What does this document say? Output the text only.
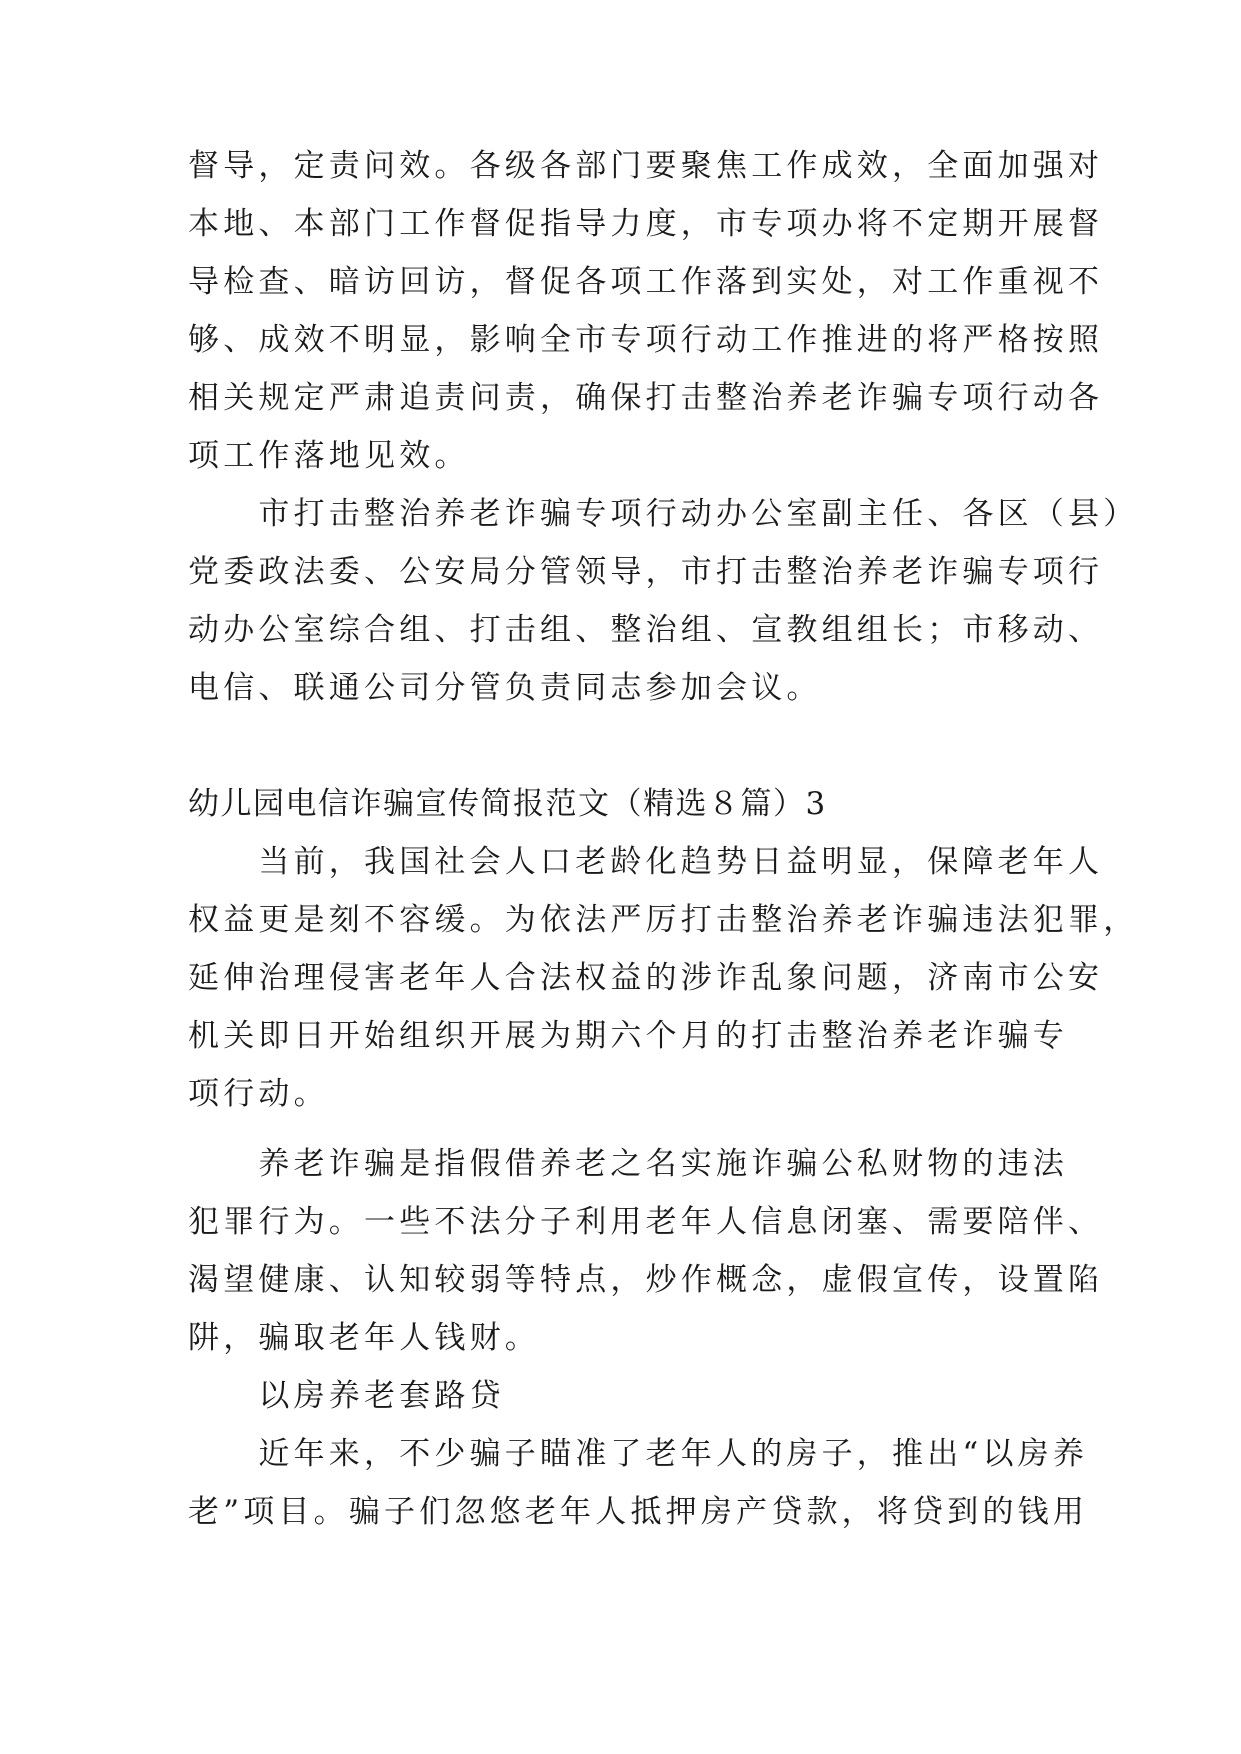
督导，定责问效。各级各部门要聚焦工作成效，全面加强对
本地、本部门工作督促指导力度，市专项办将不定期开展督
导检查、暗访回访，督促各项工作落到实处，对工作重视不
够、成效不明显，影响全市专项行动工作推进的将严格按照
相关规定严肃追责问责，确保打击整治养老诈骗专项行动各
项工作落地见效。
　　市打击整治养老诈骗专项行动办公室副主任、各区（县）
党委政法委、公安局分管领导，市打击整治养老诈骗专项行
动办公室综合组、打击组、整治组、宣教组组长；市移动、
电信、联通公司分管负责同志参加会议。
幼儿园电信诈骗宣传简报范文（精选８篇）3
　　当前，我国社会人口老龄化趋势日益明显，保障老年人
权益更是刻不容缓。为依法严厉打击整治养老诈骗违法犯罪，
延伸治理侵害老年人合法权益的涉诈乱象问题，济南市公安
机关即日开始组织开展为期六个月的打击整治养老诈骗专
项行动。
　　养老诈骗是指假借养老之名实施诈骗公私财物的违法
犯罪行为。一些不法分子利用老年人信息闭塞、需要陪伴、
渴望健康、认知较弱等特点，炒作概念，虚假宣传，设置陷
阱，骗取老年人钱财。
　　以房养老套路贷
　　近年来，不少骗子瞄准了老年人的房子，推出“以房养
老”项目。骗子们忽悠老年人抵押房产贷款，将贷到的钱用
